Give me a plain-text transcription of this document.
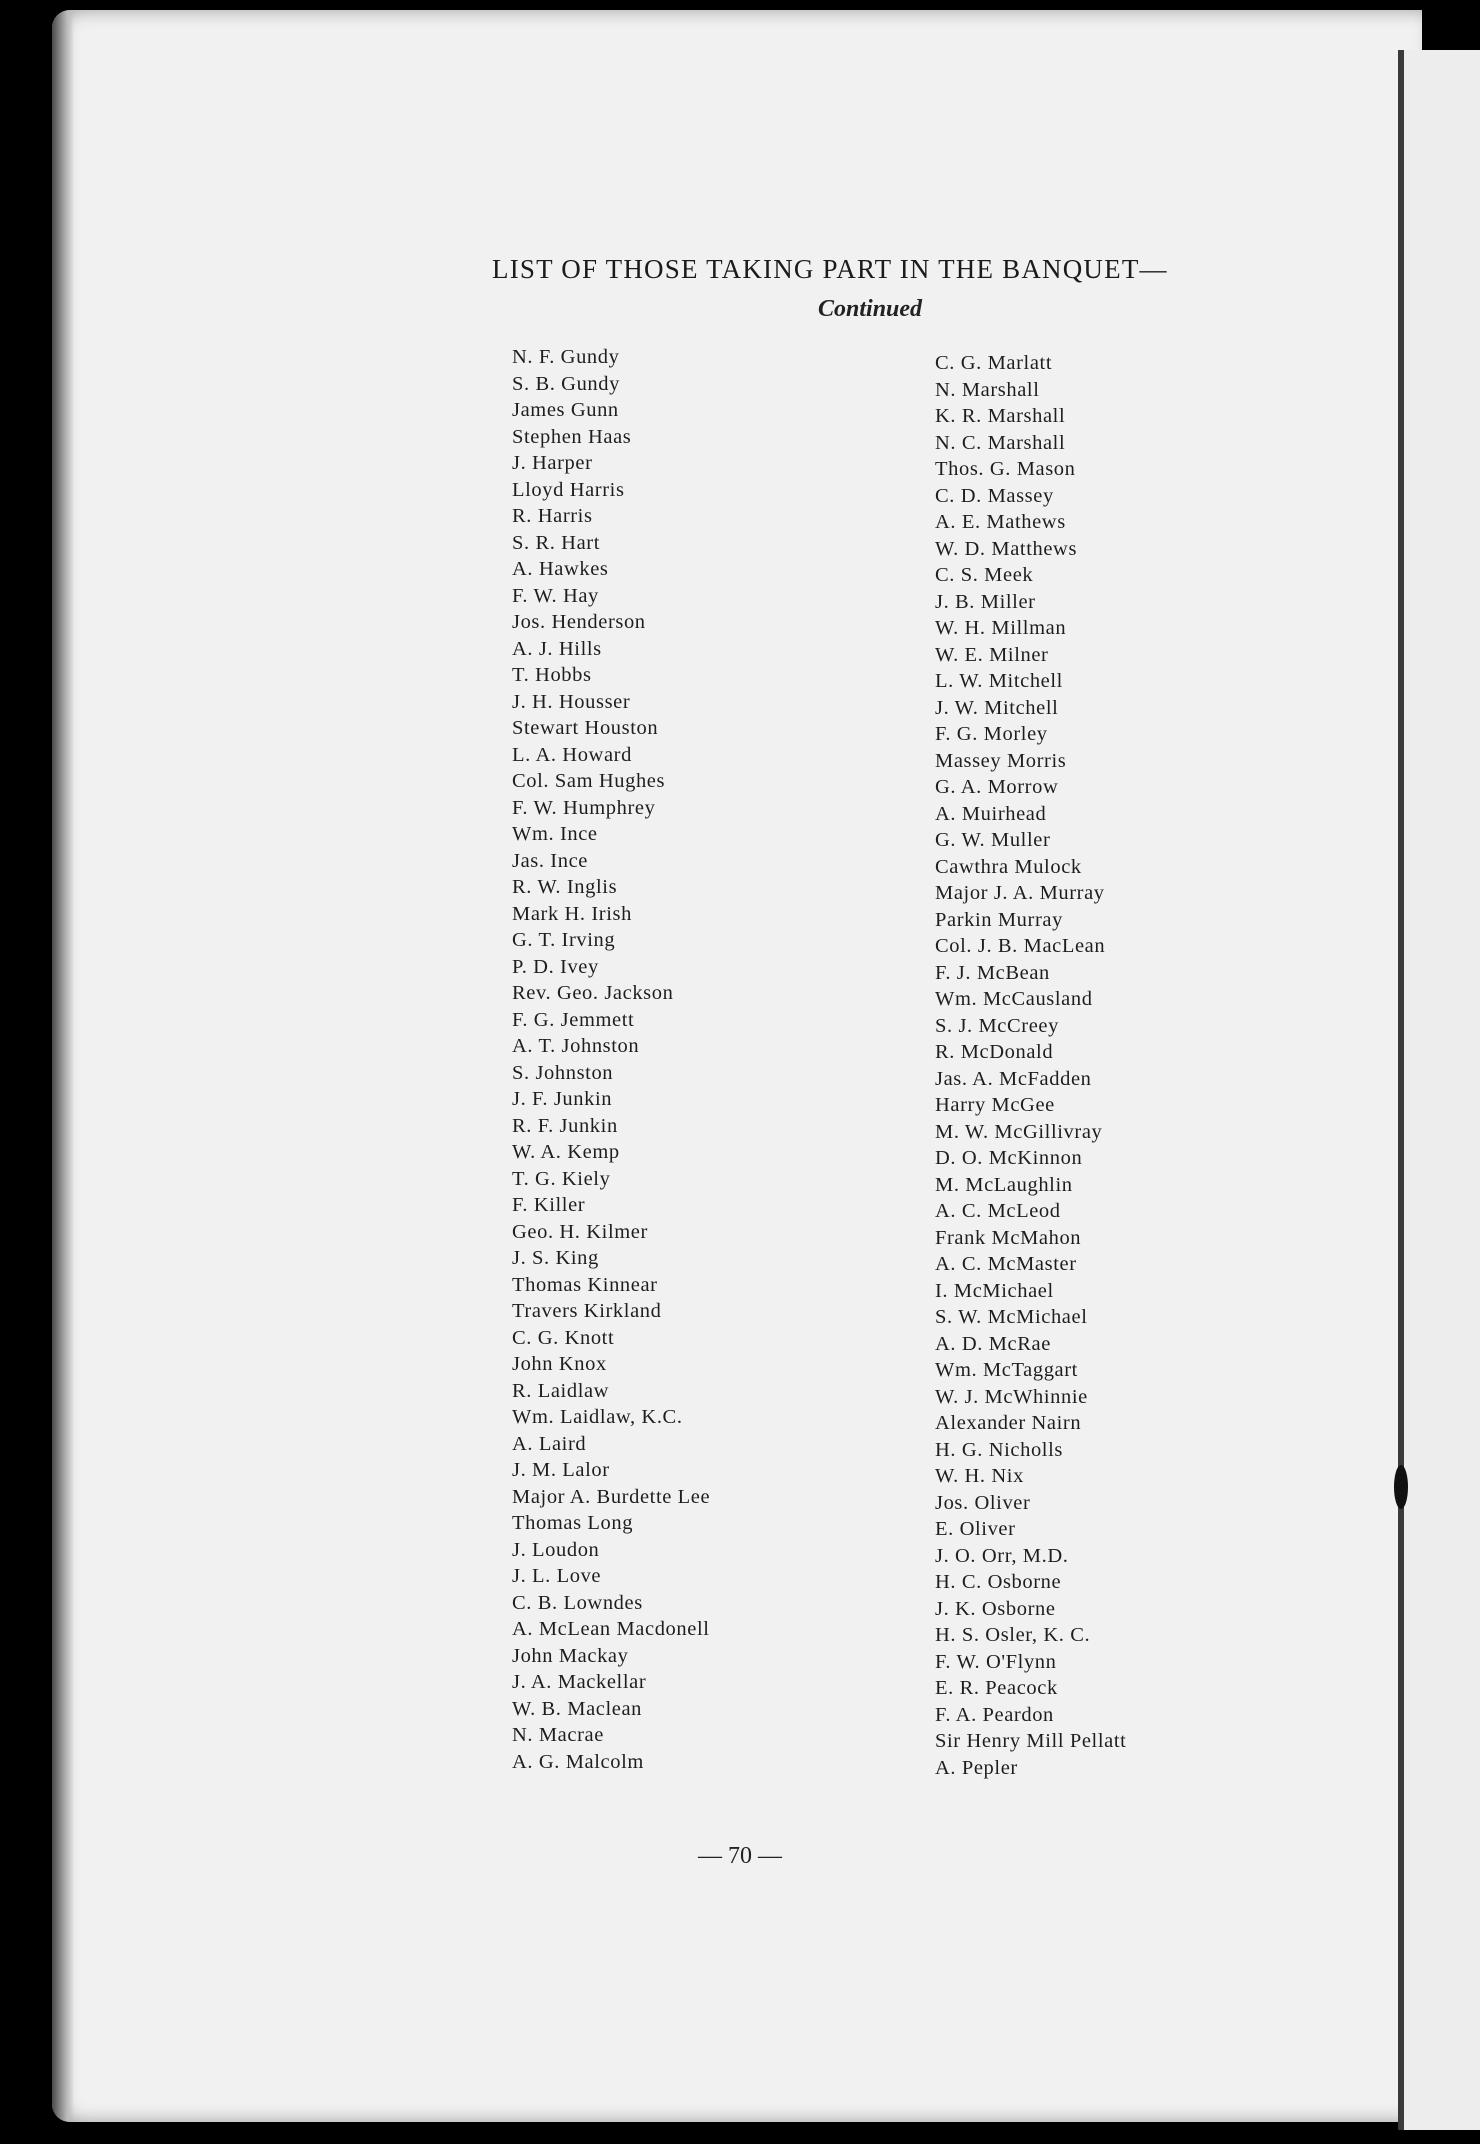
LIST OF THOSE TAKING PART IN THE BANQUET—
Continued
N. F. Gundy
S. B. Gundy
James Gunn
Stephen Haas
J. Harper
Lloyd Harris
R. Harris
S. R. Hart
A. Hawkes
F. W. Hay
Jos. Henderson
A. J. Hills
T. Hobbs
J. H. Housser
Stewart Houston
L. A. Howard
Col. Sam Hughes
F. W. Humphrey
Wm. Ince
Jas. Ince
R. W. Inglis
Mark H. Irish
G. T. Irving
P. D. Ivey
Rev. Geo. Jackson
F. G. Jemmett
A. T. Johnston
S. Johnston
J. F. Junkin
R. F. Junkin
W. A. Kemp
T. G. Kiely
F. Killer
Geo. H. Kilmer
J. S. King
Thomas Kinnear
Travers Kirkland
C. G. Knott
John Knox
R. Laidlaw
Wm. Laidlaw, K.C.
A. Laird
J. M. Lalor
Major A. Burdette Lee
Thomas Long
J. Loudon
J. L. Love
C. B. Lowndes
A. McLean Macdonell
John Mackay
J. A. Mackellar
W. B. Maclean
N. Macrae
A. G. Malcolm
C. G. Marlatt
N. Marshall
K. R. Marshall
N. C. Marshall
Thos. G. Mason
C. D. Massey
A. E. Mathews
W. D. Matthews
C. S. Meek
J. B. Miller
W. H. Millman
W. E. Milner
L. W. Mitchell
J. W. Mitchell
F. G. Morley
Massey Morris
G. A. Morrow
A. Muirhead
G. W. Muller
Cawthra Mulock
Major J. A. Murray
Parkin Murray
Col. J. B. MacLean
F. J. McBean
Wm. McCausland
S. J. McCreey
R. McDonald
Jas. A. McFadden
Harry McGee
M. W. McGillivray
D. O. McKinnon
M. McLaughlin
A. C. McLeod
Frank McMahon
A. C. McMaster
I. McMichael
S. W. McMichael
A. D. McRae
Wm. McTaggart
W. J. McWhinnie
Alexander Nairn
H. G. Nicholls
W. H. Nix
Jos. Oliver
E. Oliver
J. O. Orr, M.D.
H. C. Osborne
J. K. Osborne
H. S. Osler, K. C.
F. W. O'Flynn
E. R. Peacock
F. A. Peardon
Sir Henry Mill Pellatt
A. Pepler
— 70 —
